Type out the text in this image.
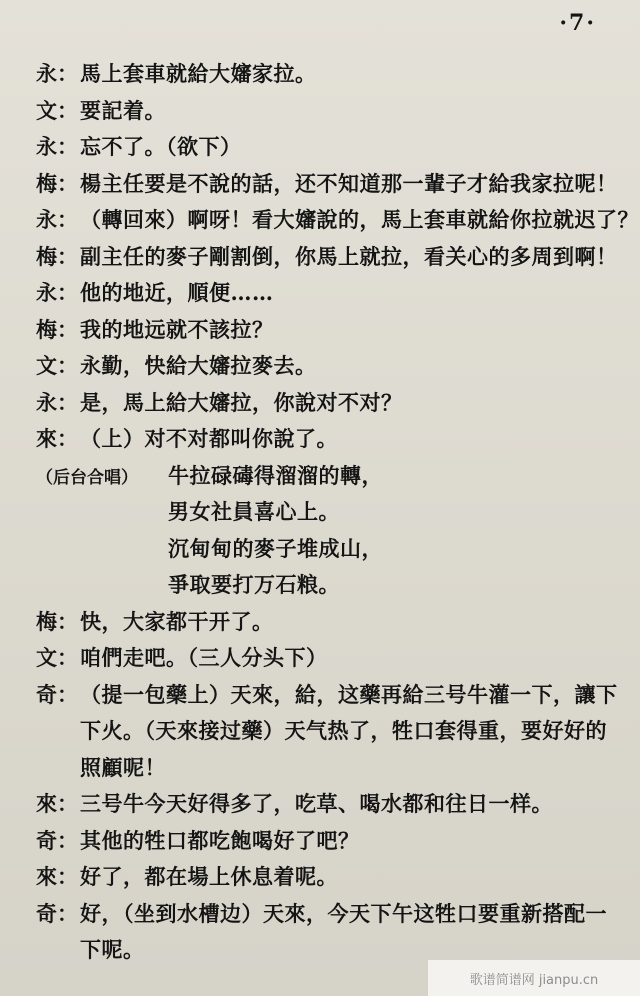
·7·
永： 馬上套車就給大嬸家拉。
文： 要記着。
永： 忘不了。（欲下）
梅： 楊主任要是不說的話，还不知道那一輩子才給我家拉呢！
永： （轉回來）啊呀！看大嬸說的，馬上套車就給你拉就迟了？
梅： 副主任的麥子剛割倒，你馬上就拉，看关心的多周到啊！
永： 他的地近，順便……
梅： 我的地远就不該拉？
文： 永勤，快給大嬸拉麥去。
永： 是，馬上給大嬸拉，你說对不对？
來： （上）对不对都叫你說了。
（后台合唱）	牛拉碌碡得溜溜的轉，
男女社員喜心上。
沉甸甸的麥子堆成山，
爭取要打万石粮。
梅： 快，大家都干开了。
文： 咱們走吧。（三人分头下）
奇： （提一包藥上）天來，給，这藥再給三号牛灌一下，讓下
下火。（天來接过藥）天气热了，牲口套得重，要好好的
照顧呢！
來： 三号牛今天好得多了，吃草、喝水都和往日一样。
奇： 其他的牲口都吃飽喝好了吧？
來： 好了，都在場上休息着呢。
奇： 好，（坐到水槽边）天來，今天下午这牲口要重新搭配一
下呢。
歌谱简谱网 jianpu.cn
